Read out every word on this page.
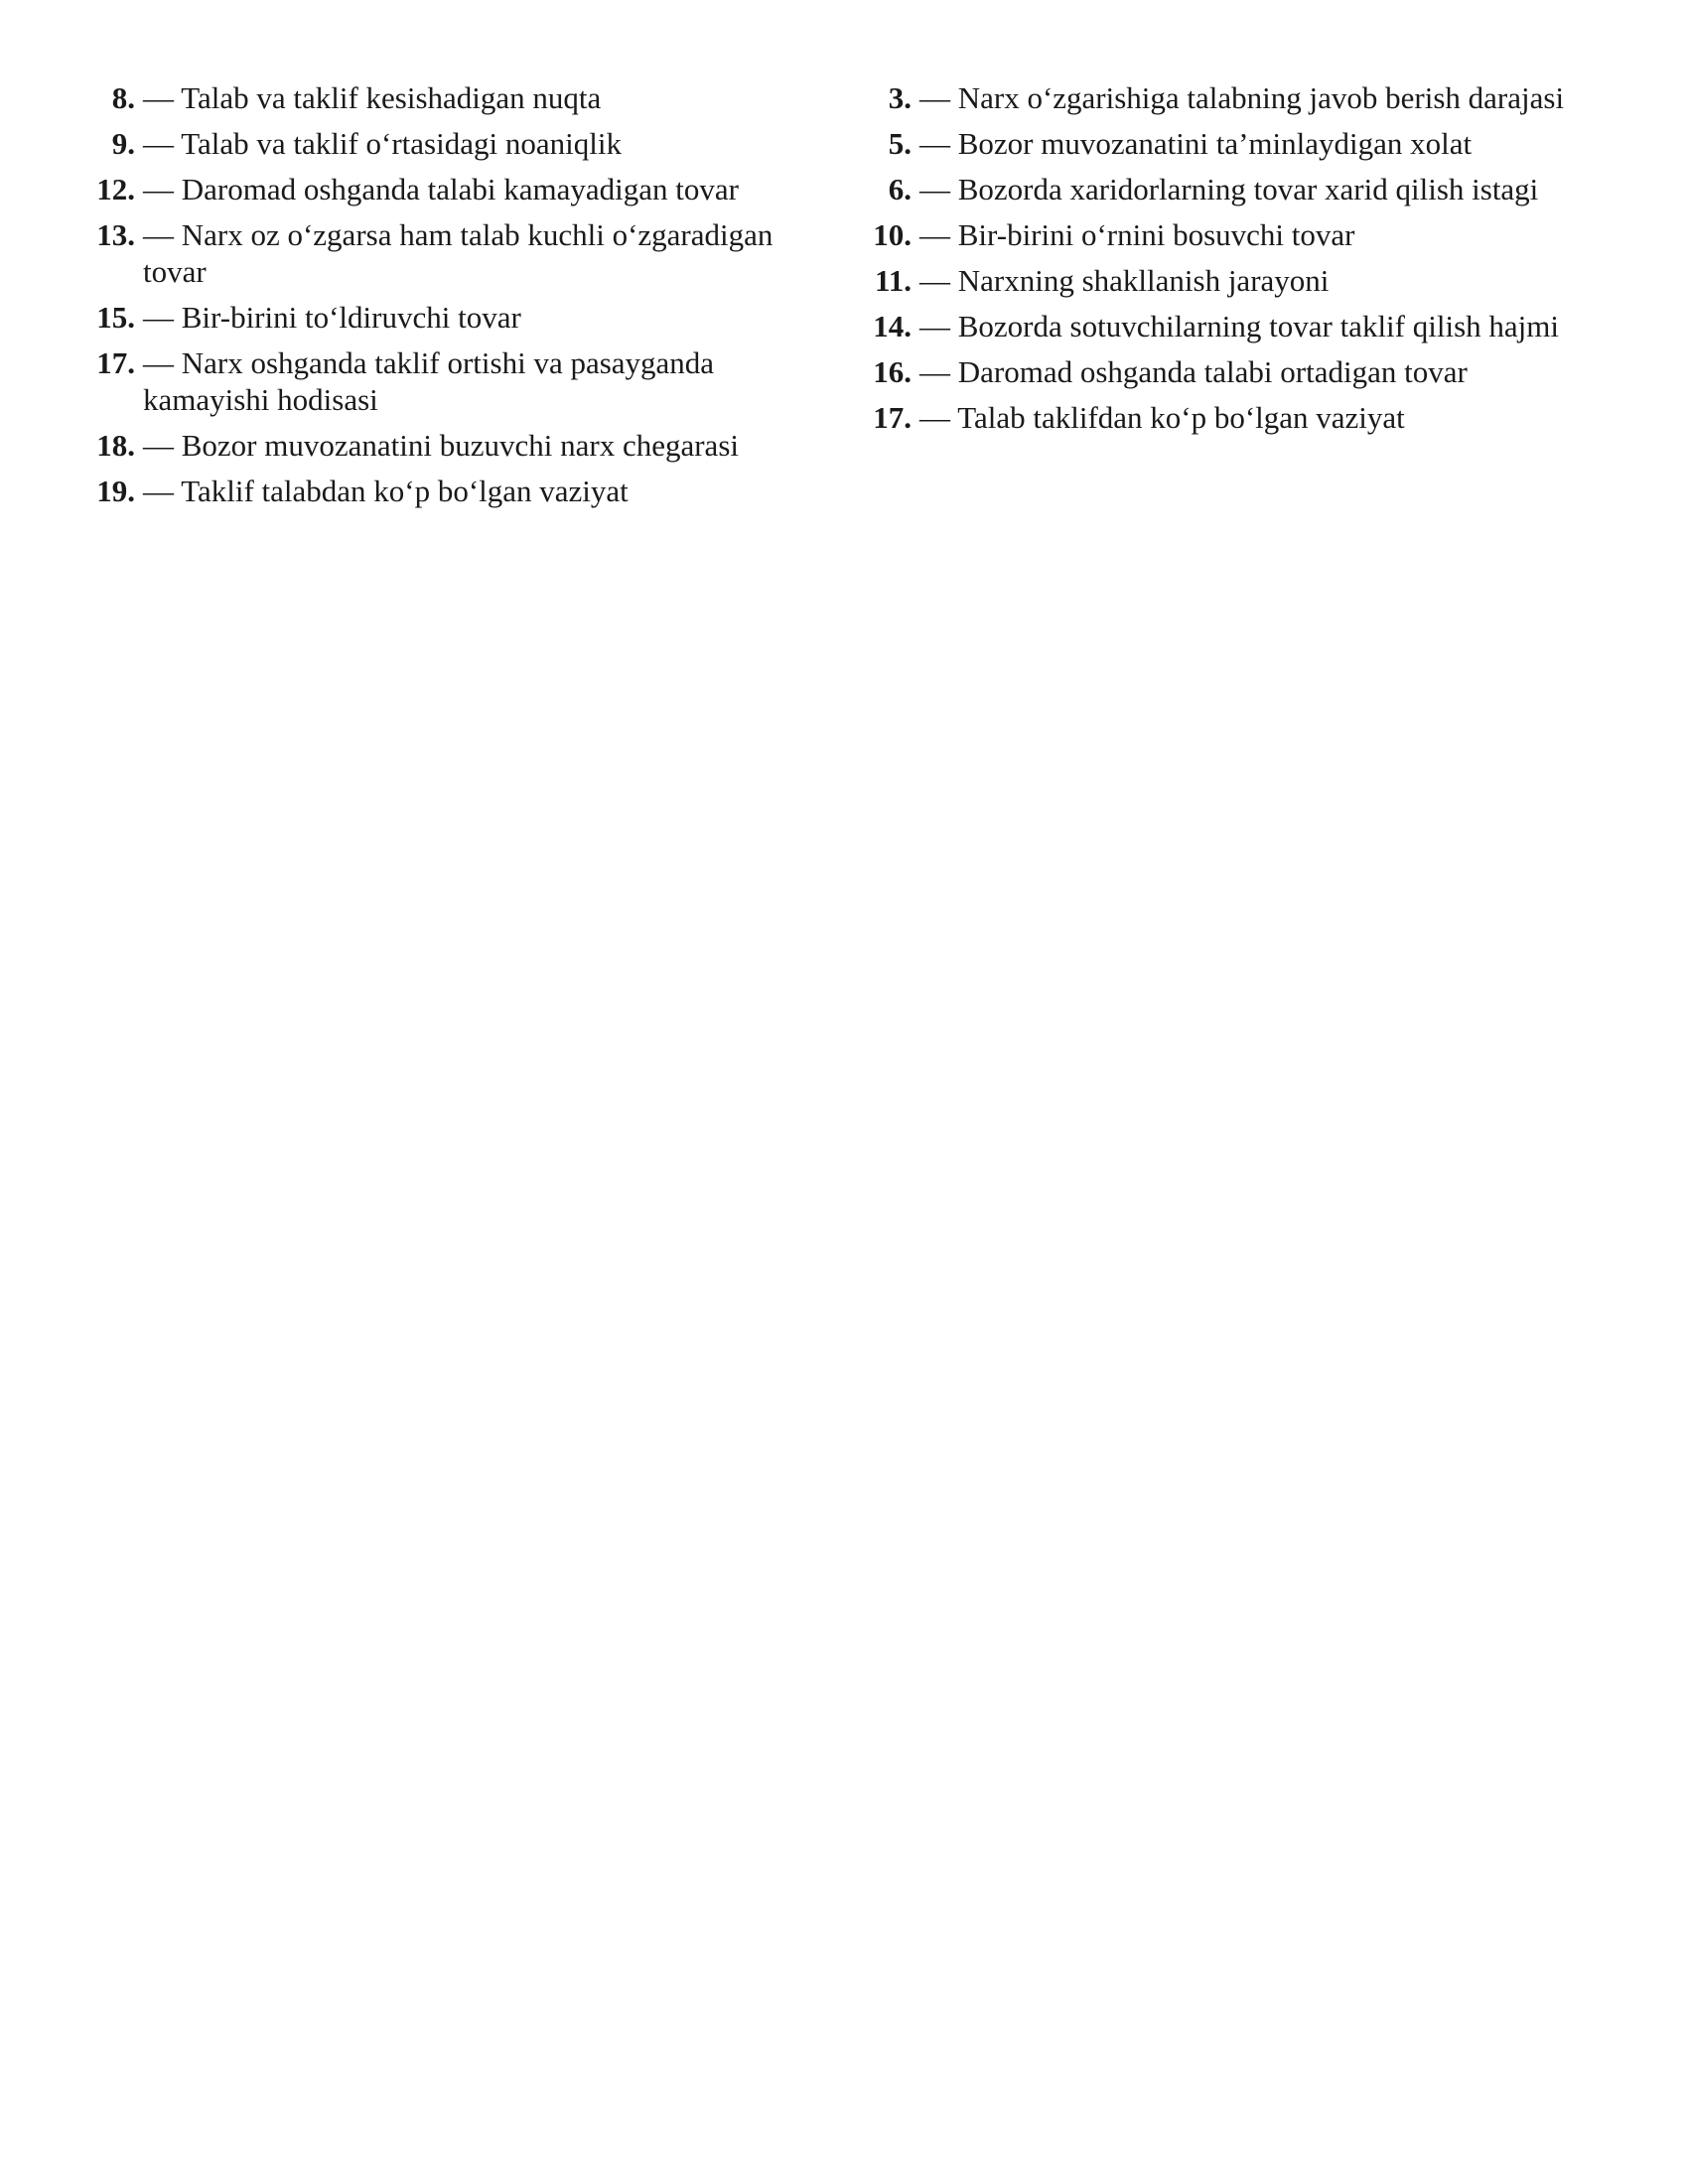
8. — Talab va taklif kesishadigan nuqta
9. — Talab va taklif o‘rtasidagi noaniqlik
12. — Daromad oshganda talabi kamayadigan tovar
13. — Narx oz o‘zgarsa ham talab kuchli o‘zgaradigan tovar
15. — Bir-birini to‘ldiruvchi tovar
17. — Narx oshganda taklif ortishi va pasayganda kamayishi hodisasi
18. — Bozor muvozanatini buzuvchi narx chegarasi
19. — Taklif talabdan ko‘p bo‘lgan vaziyat
3. — Narx o‘zgarishiga talabning javob berish darajasi
5. — Bozor muvozanatini ta’minlaydigan xolat
6. — Bozorda xaridorlarning tovar xarid qilish istagi
10. — Bir-birini o‘rnini bosuvchi tovar
11. — Narxning shakllanish jarayoni
14. — Bozorda sotuvchilarning tovar taklif qilish hajmi
16. — Daromad oshganda talabi ortadigan tovar
17. — Talab taklifdan ko‘p bo‘lgan vaziyat
